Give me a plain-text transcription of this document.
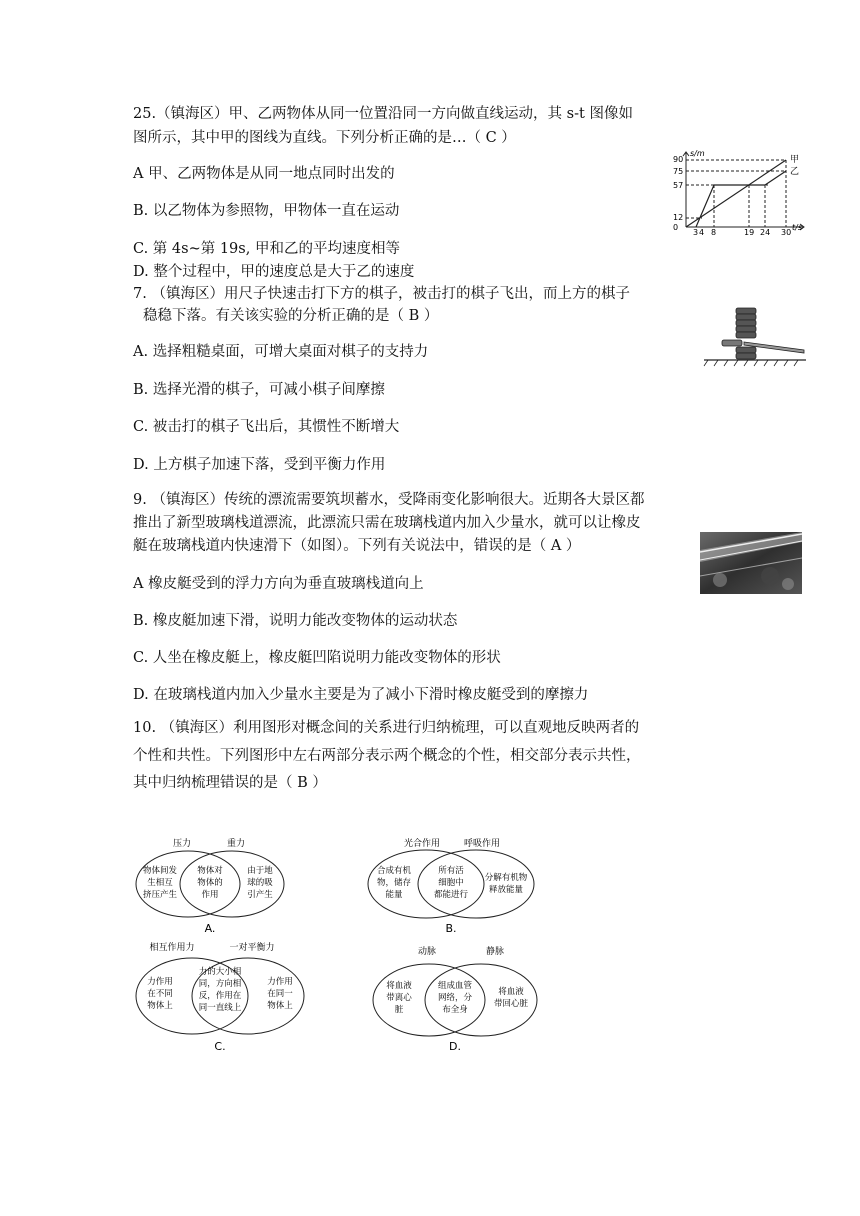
25.（镇海区）甲、乙两物体从同一位置沿同一方向做直线运动，其 s-t 图像如
图所示，其中甲的图线为直线。下列分析正确的是…（ C ）
A 甲、乙两物体是从同一地点同时出发的
B. 以乙物体为参照物，甲物体一直在运动
C. 第 4s~第 19s, 甲和乙的平均速度相等
D. 整个过程中，甲的速度总是大于乙的速度
s/m
t/s
0
90
75
57
12
3 4 8	19 24 30
甲
乙
7. （镇海区）用尺子快速击打下方的棋子，被击打的棋子飞出，而上方的棋子
稳稳下落。有关该实验的分析正确的是（ B ）
A. 选择粗糙桌面，可增大桌面对棋子的支持力
B. 选择光滑的棋子，可减小棋子间摩擦
C. 被击打的棋子飞出后，其惯性不断增大
D. 上方棋子加速下落，受到平衡力作用
9. （镇海区）传统的漂流需要筑坝蓄水，受降雨变化影响很大。近期各大景区都
推出了新型玻璃栈道漂流，此漂流只需在玻璃栈道内加入少量水，就可以让橡皮
艇在玻璃栈道内快速滑下（如图）。下列有关说法中，错误的是（ A ）
A 橡皮艇受到的浮力方向为垂直玻璃栈道向上
B. 橡皮艇加速下滑，说明力能改变物体的运动状态
C. 人坐在橡皮艇上，橡皮艇凹陷说明力能改变物体的形状
D. 在玻璃栈道内加入少量水主要是为了减小下滑时橡皮艇受到的摩擦力
10. （镇海区）利用图形对概念间的关系进行归纳梳理，可以直观地反映两者的
个性和共性。下列图形中左右两部分表示两个概念的个性，相交部分表示共性，
其中归纳梳理错误的是（ B ）
压力	重力
物体间发
生相互
挤压产生
物体对
物体的
作用
由于地
球的吸
引产生
A.
光合作用	呼吸作用
合成有机
物，储存
能量
所有活
细胞中
都能进行
分解有机物
释放能量
B.
相互作用力	一对平衡力
力作用
在不同
物体上
力的大小相
同，方向相
反，作用在
同一直线上
力作用
在同一
物体上
C.
动脉	静脉
将血液
带离心
脏
组成血管
网络，分
布全身
将血液
带回心脏
D.
